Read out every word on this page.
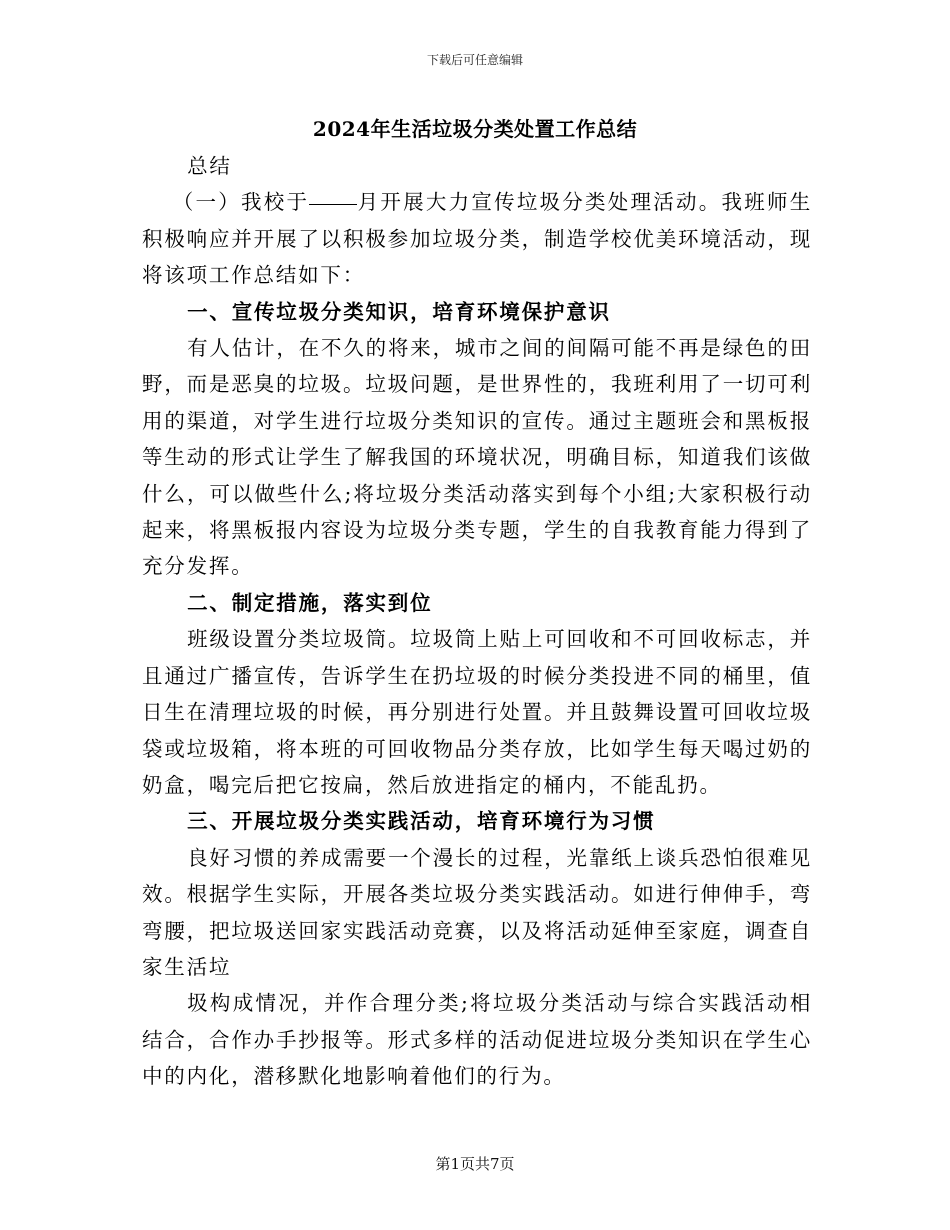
下载后可任意编辑
2024年生活垃圾分类处置工作总结

总结

（一）我校于 月开展大力宣传垃圾分类处理活动。我班师生积极响应并开展了以积极参加垃圾分类，制造学校优美环境活动，现将该项工作总结如下：

一、宣传垃圾分类知识，培育环境保护意识

有人估计，在不久的将来，城市之间的间隔可能不再是绿色的田野，而是恶臭的垃圾。垃圾问题，是世界性的，我班利用了一切可利用的渠道，对学生进行垃圾分类知识的宣传。通过主题班会和黑板报等生动的形式让学生了解我国的环境状况，明确目标，知道我们该做什么，可以做些什么;将垃圾分类活动落实到每个小组;大家积极行动起来，将黑板报内容设为垃圾分类专题，学生的自我教育能力得到了充分发挥。

二、制定措施，落实到位

班级设置分类垃圾筒。垃圾筒上贴上可回收和不可回收标志，并且通过广播宣传，告诉学生在扔垃圾的时候分类投进不同的桶里，值日生在清理垃圾的时候，再分别进行处置。并且鼓舞设置可回收垃圾袋或垃圾箱，将本班的可回收物品分类存放，比如学生每天喝过奶的奶盒，喝完后把它按扁，然后放进指定的桶内，不能乱扔。

三、开展垃圾分类实践活动，培育环境行为习惯

良好习惯的养成需要一个漫长的过程，光靠纸上谈兵恐怕很难见效。根据学生实际，开展各类垃圾分类实践活动。如进行伸伸手，弯弯腰，把垃圾送回家实践活动竞赛，以及将活动延伸至家庭，调查自家生活垃

圾构成情况，并作合理分类;将垃圾分类活动与综合实践活动相结合，合作办手抄报等。形式多样的活动促进垃圾分类知识在学生心中的内化，潜移默化地影响着他们的行为。

第1页共7页
